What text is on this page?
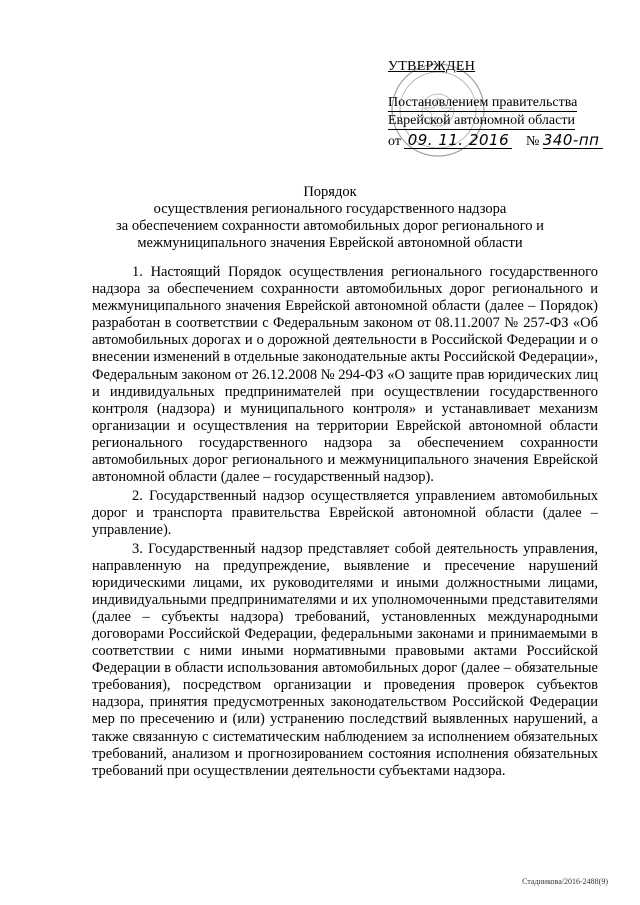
УТВЕРЖДЕН
Постановлением правительства
Еврейской автономной области
от 09. 11. 2016 № 340-пп
Порядок
осуществления регионального государственного надзора
за обеспечением сохранности автомобильных дорог регионального и
межмуниципального значения Еврейской автономной области

1. Настоящий Порядок осуществления регионального государственного надзора за обеспечением сохранности автомобильных дорог регионального и межмуниципального значения Еврейской автономной области (далее – Порядок) разработан в соответствии с Федеральным законом от 08.11.2007 № 257-ФЗ «Об автомобильных дорогах и о дорожной деятельности в Российской Федерации и о внесении изменений в отдельные законодательные акты Российской Федерации», Федеральным законом от 26.12.2008 № 294-ФЗ «О защите прав юридических лиц и индивидуальных предпринимателей при осуществлении государственного контроля (надзора) и муниципального контроля» и устанавливает механизм организации и осуществления на территории Еврейской автономной области регионального государственного надзора за обеспечением сохранности автомобильных дорог регионального и межмуниципального значения Еврейской автономной области (далее – государственный надзор).

2. Государственный надзор осуществляется управлением автомобильных дорог и транспорта правительства Еврейской автономной области (далее – управление).

3. Государственный надзор представляет собой деятельность управления, направленную на предупреждение, выявление и пресечение нарушений юридическими лицами, их руководителями и иными должностными лицами, индивидуальными предпринимателями и их уполномоченными представителями (далее – субъекты надзора) требований, установленных международными договорами Российской Федерации, федеральными законами и принимаемыми в соответствии с ними иными нормативными правовыми актами Российской Федерации в области использования автомобильных дорог (далее – обязательные требования), посредством организации и проведения проверок субъектов надзора, принятия предусмотренных законодательством Российской Федерации мер по пресечению и (или) устранению последствий выявленных нарушений, а также связанную с систематическим наблюдением за исполнением обязательных требований, анализом и прогнозированием состояния исполнения обязательных требований при осуществлении деятельности субъектами надзора.

Стадникова/2016-2488(9)
